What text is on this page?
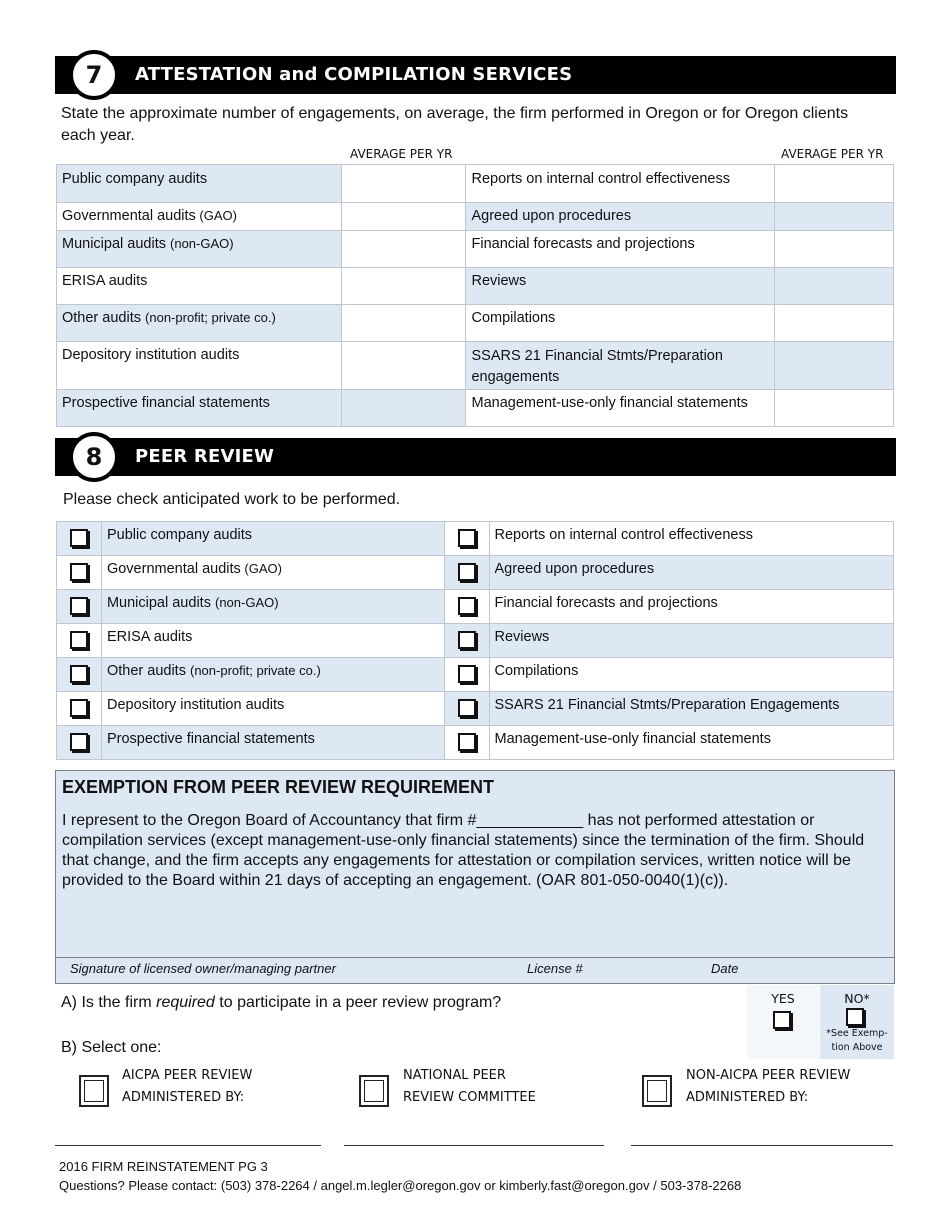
ATTESTATION and COMPILATION SERVICES
7
State the approximate number of engagements, on average, the firm performed in Oregon or for Oregon clients each year.
AVERAGE PER YR	AVERAGE PER YR
Public company audits		Reports on internal control effectiveness	
Governmental audits (GAO)		Agreed upon procedures	
Municipal audits (non-GAO)		Financial forecasts and projections	
ERISA audits		Reviews	
Other audits (non-profit; private co.)		Compilations	
Depository institution audits		SSARS 21 Financial Stmts/Preparation engagements	
Prospective financial statements		Management-use-only financial statements	
PEER REVIEW
8
Please check anticipated work to be performed.
	Public company audits		Reports on internal control effectiveness
	Governmental audits (GAO)		Agreed upon procedures
	Municipal audits (non-GAO)		Financial forecasts and projections
	ERISA audits		Reviews
	Other audits (non-profit; private co.)		Compilations
	Depository institution audits		SSARS 21 Financial Stmts/Preparation Engagements
	Prospective financial statements		Management-use-only financial statements
EXEMPTION FROM PEER REVIEW REQUIREMENT

I represent to the Oregon Board of Accountancy that firm #____________ has not performed attestation or compilation services (except management-use-only financial statements) since the termination of the firm. Should that change, and the firm accepts any engagements for attestation or compilation services, written notice will be provided to the Board within 21 days of accepting an engagement. (OAR 801-050-0040(1)(c)).

Signature of licensed owner/managing partner	License #	Date
A) Is the firm required to participate in a peer review program?	YES	NO*
*See Exemp-
tion Above
B) Select one:
AICPA PEER REVIEW
ADMINISTERED BY:
NATIONAL PEER
REVIEW COMMITTEE
NON-AICPA PEER REVIEW
ADMINISTERED BY:
2016 FIRM REINSTATEMENT PG 3
Questions? Please contact: (503) 378-2264 / angel.m.legler@oregon.gov or kimberly.fast@oregon.gov / 503-378-2268
